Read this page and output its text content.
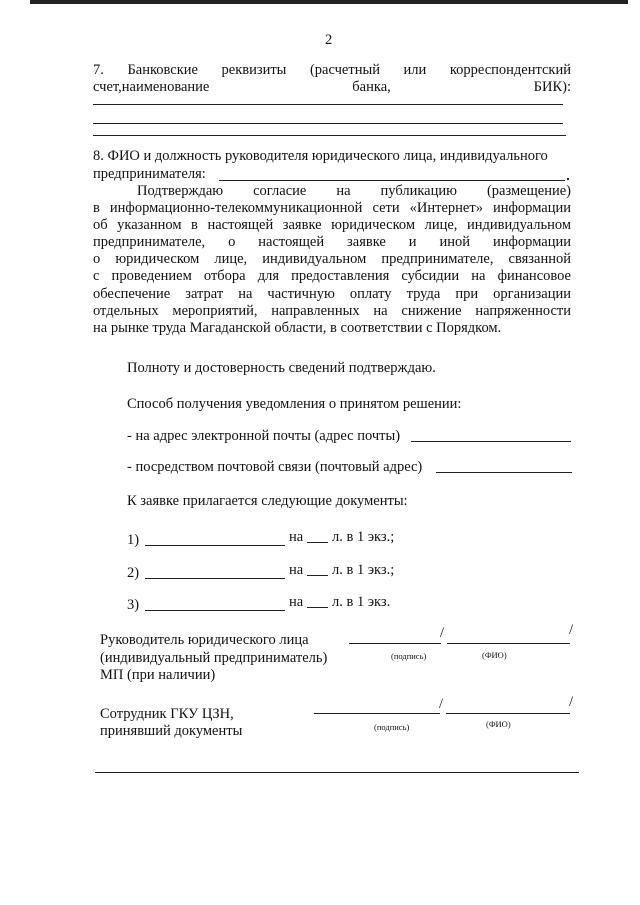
2
7. Банковские реквизиты (расчетный или корреспондентский
счет,наименование банка, БИК):
8. ФИО и должность руководителя юридического лица, индивидуального
предпринимателя:
Подтверждаю согласие на публикацию (размещение)
в информационно-телекоммуникационной сети «Интернет» информации
об указанном в настоящей заявке юридическом лице, индивидуальном
предпринимателе, о настоящей заявке и иной информации
о юридическом лице, индивидуальном предпринимателе, связанной
с проведением отбора для предоставления субсидии на финансовое
обеспечение затрат на частичную оплату труда при организации
отдельных мероприятий, направленных на снижение напряженности
на рынке труда Магаданской области, в соответствии с Порядком.
Полноту и достоверность сведений подтверждаю.
Способ получения уведомления о принятом решении:
- на адрес электронной почты (адрес почты)
- посредством почтовой связи (почтовый адрес)
К заявке прилагается следующие документы:
1)	на л. в 1 экз.;
2)	на л. в 1 экз.;
3)	на л. в 1 экз.
Руководитель юридического лица
(индивидуальный предприниматель)
МП (при наличии)
/	/
(подпись)	(ФИО)
Сотрудник ГКУ ЦЗН,
принявший документы
/	/
(подпись)	(ФИО)
